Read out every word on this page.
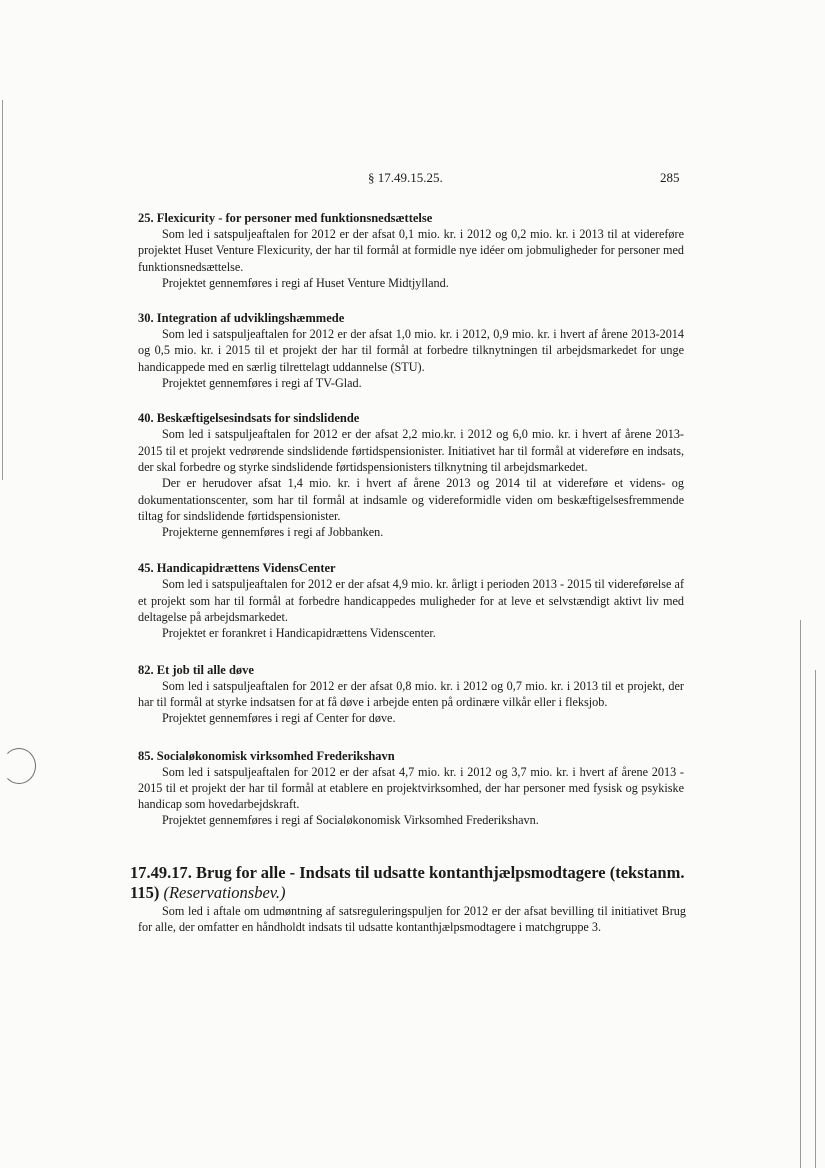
§ 17.49.15.25.	285

25. Flexicurity - for personer med funktionsnedsættelse

Som led i satspuljeaftalen for 2012 er der afsat 0,1 mio. kr. i 2012 og 0,2 mio. kr. i 2013 til at videreføre projektet Huset Venture Flexicurity, der har til formål at formidle nye idéer om jobmuligheder for personer med funktionsnedsættelse.

Projektet gennemføres i regi af Huset Venture Midtjylland.

30. Integration af udviklingshæmmede

Som led i satspuljeaftalen for 2012 er der afsat 1,0 mio. kr. i 2012, 0,9 mio. kr. i hvert af årene 2013-2014 og 0,5 mio. kr. i 2015 til et projekt der har til formål at forbedre tilknytningen til arbejdsmarkedet for unge handicappede med en særlig tilrettelagt uddannelse (STU).

Projektet gennemføres i regi af TV-Glad.

40. Beskæftigelsesindsats for sindslidende

Som led i satspuljeaftalen for 2012 er der afsat 2,2 mio.kr. i 2012 og 6,0 mio. kr. i hvert af årene 2013-2015 til et projekt vedrørende sindslidende førtidspensionister. Initiativet har til formål at videreføre en indsats, der skal forbedre og styrke sindslidende førtidspensionisters tilknytning til arbejdsmarkedet.

Der er herudover afsat 1,4 mio. kr. i hvert af årene 2013 og 2014 til at videreføre et videns- og dokumentationscenter, som har til formål at indsamle og videreformidle viden om beskæftigelsesfremmende tiltag for sindslidende førtidspensionister.

Projekterne gennemføres i regi af Jobbanken.

45. Handicapidrættens VidensCenter

Som led i satspuljeaftalen for 2012 er der afsat 4,9 mio. kr. årligt i perioden 2013 - 2015 til videreførelse af et projekt som har til formål at forbedre handicappedes muligheder for at leve et selvstændigt aktivt liv med deltagelse på arbejdsmarkedet.

Projektet er forankret i Handicapidrættens Videnscenter.

82. Et job til alle døve

Som led i satspuljeaftalen for 2012 er der afsat 0,8 mio. kr. i 2012 og 0,7 mio. kr. i 2013 til et projekt, der har til formål at styrke indsatsen for at få døve i arbejde enten på ordinære vilkår eller i fleksjob.

Projektet gennemføres i regi af Center for døve.

85. Socialøkonomisk virksomhed Frederikshavn

Som led i satspuljeaftalen for 2012 er der afsat 4,7 mio. kr. i 2012 og 3,7 mio. kr. i hvert af årene 2013 - 2015 til et projekt der har til formål at etablere en projektvirksomhed, der har personer med fysisk og psykiske handicap som hovedarbejdskraft.

Projektet gennemføres i regi af Socialøkonomisk Virksomhed Frederikshavn.

17.49.17. Brug for alle - Indsats til udsatte kontanthjælpsmodtagere (tekstanm. 115) (Reservationsbev.)

Som led i aftale om udmøntning af satsreguleringspuljen for 2012 er der afsat bevilling til initiativet Brug for alle, der omfatter en håndholdt indsats til udsatte kontanthjælpsmodtagere i matchgruppe 3.
